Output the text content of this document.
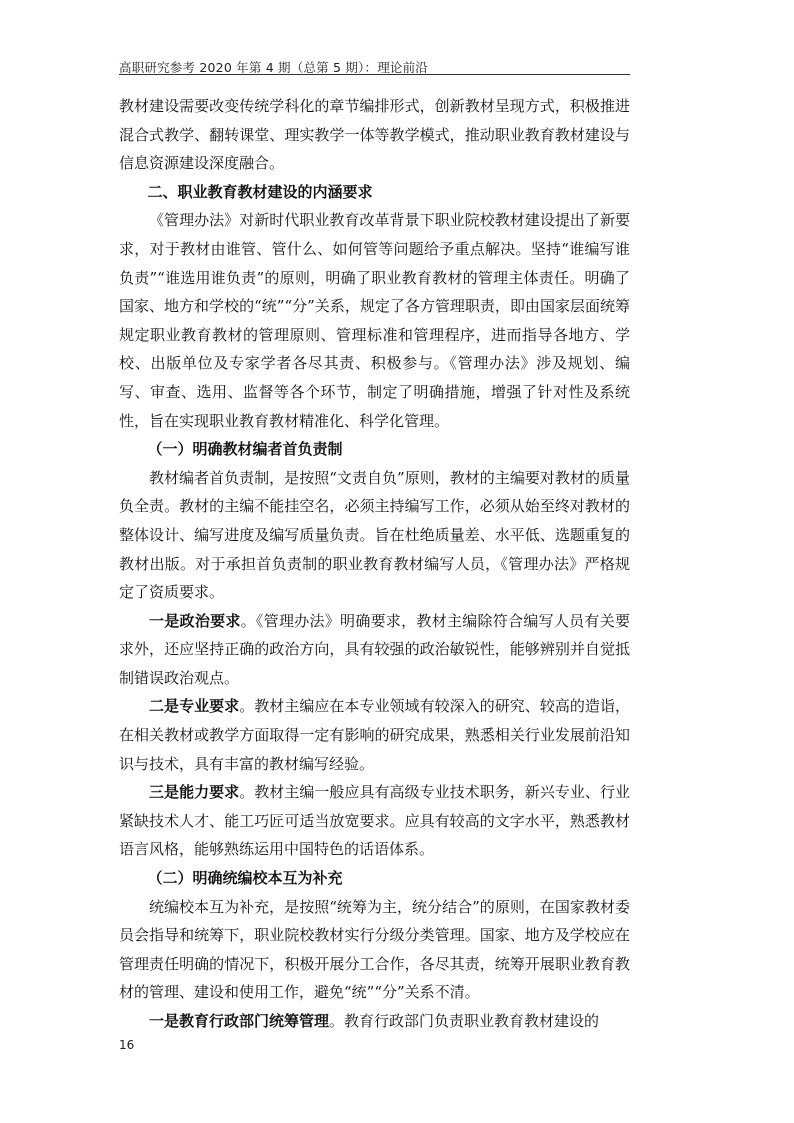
高职研究参考 2020 年第 4 期（总第 5 期）：理论前沿

教材建设需要改变传统学科化的章节编排形式，创新教材呈现方式，积极推进混合式教学、翻转课堂、理实教学一体等教学模式，推动职业教育教材建设与信息资源建设深度融合。

二、职业教育教材建设的内涵要求

《管理办法》对新时代职业教育改革背景下职业院校教材建设提出了新要求，对于教材由谁管、管什么、如何管等问题给予重点解决。坚持“谁编写谁负责”“谁选用谁负责”的原则，明确了职业教育教材的管理主体责任。明确了国家、地方和学校的“统”“分”关系，规定了各方管理职责，即由国家层面统筹规定职业教育教材的管理原则、管理标准和管理程序，进而指导各地方、学校、出版单位及专家学者各尽其责、积极参与。《管理办法》涉及规划、编写、审查、选用、监督等各个环节，制定了明确措施，增强了针对性及系统性，旨在实现职业教育教材精准化、科学化管理。

（一）明确教材编者首负责制

教材编者首负责制，是按照“文责自负”原则，教材的主编要对教材的质量负全责。教材的主编不能挂空名，必须主持编写工作，必须从始至终对教材的整体设计、编写进度及编写质量负责。旨在杜绝质量差、水平低、选题重复的教材出版。对于承担首负责制的职业教育教材编写人员，《管理办法》严格规定了资质要求。

一是政治要求。《管理办法》明确要求，教材主编除符合编写人员有关要求外，还应坚持正确的政治方向，具有较强的政治敏锐性，能够辨别并自觉抵制错误政治观点。

二是专业要求。教材主编应在本专业领域有较深入的研究、较高的造诣，在相关教材或教学方面取得一定有影响的研究成果，熟悉相关行业发展前沿知识与技术，具有丰富的教材编写经验。

三是能力要求。教材主编一般应具有高级专业技术职务，新兴专业、行业紧缺技术人才、能工巧匠可适当放宽要求。应具有较高的文字水平，熟悉教材语言风格，能够熟练运用中国特色的话语体系。

（二）明确统编校本互为补充

统编校本互为补充，是按照“统筹为主，统分结合”的原则，在国家教材委员会指导和统筹下，职业院校教材实行分级分类管理。国家、地方及学校应在管理责任明确的情况下，积极开展分工合作，各尽其责，统筹开展职业教育教材的管理、建设和使用工作，避免“统”“分”关系不清。

一是教育行政部门统筹管理。教育行政部门负责职业教育教材建设的

16
